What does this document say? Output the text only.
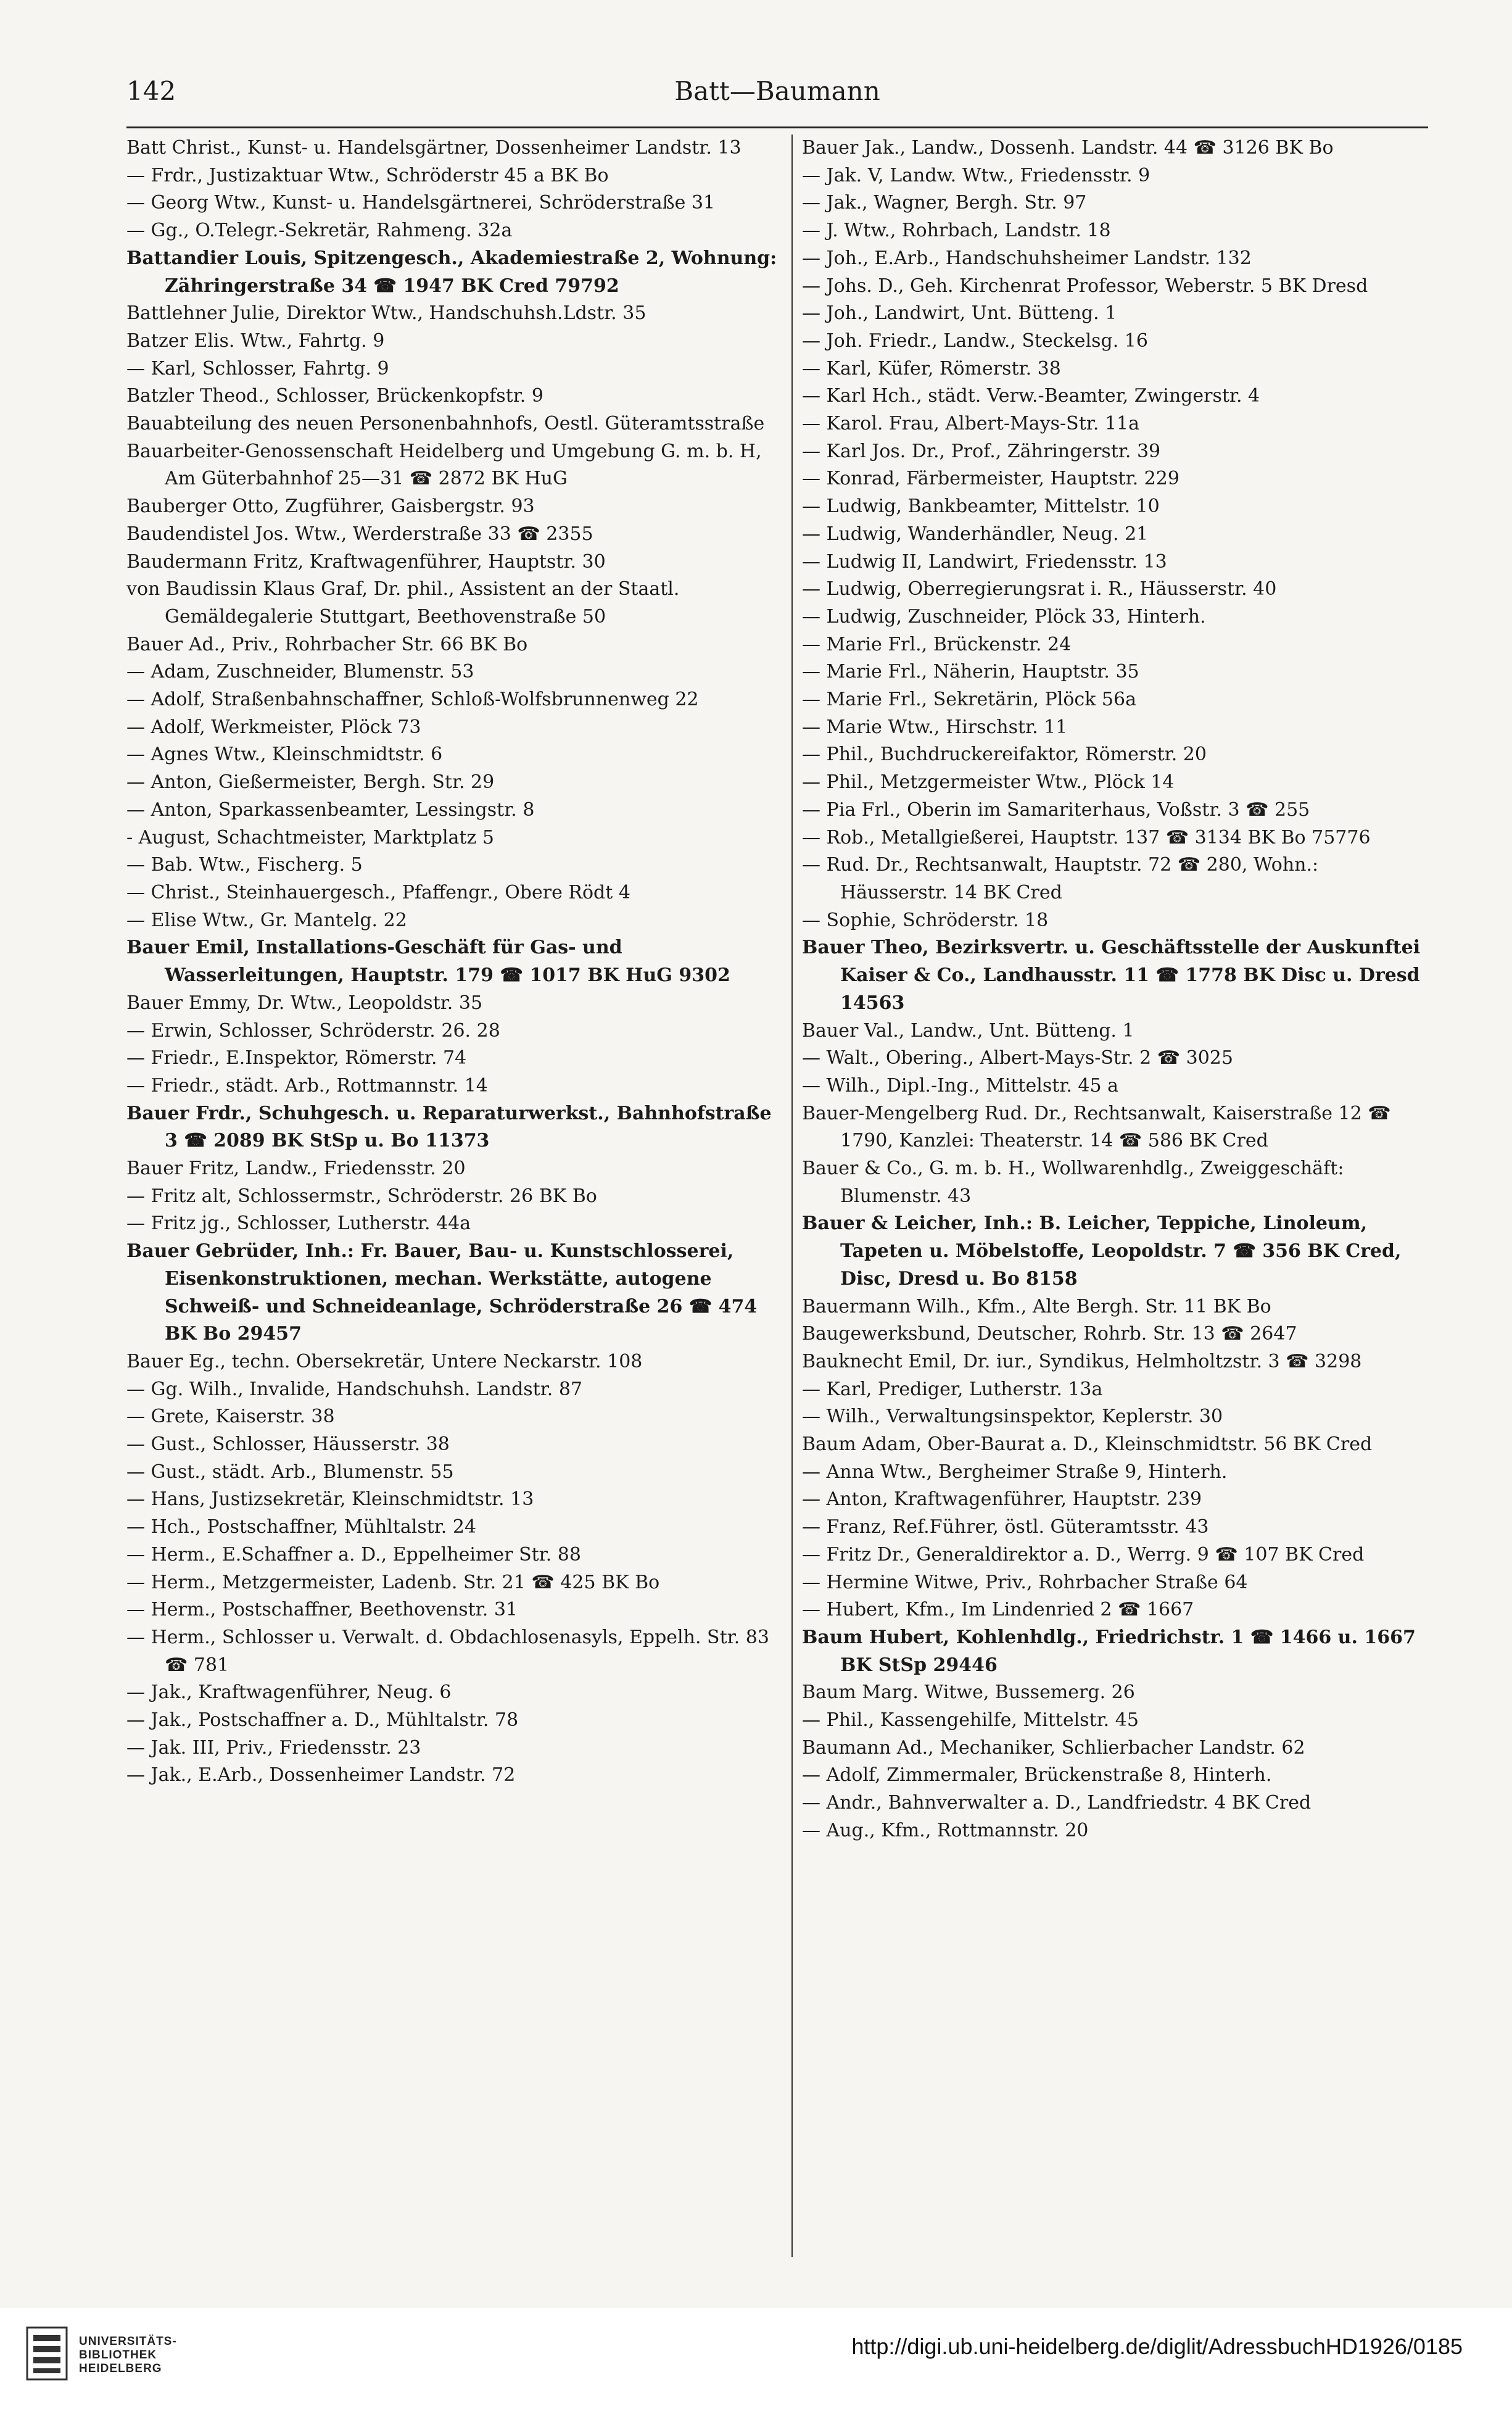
142	Batt—Baumann
Batt Christ., Kunst- u. Handelsgärtner, Dossenheimer Landstr. 13
— Frdr., Justizaktuar Wtw., Schröderstr 45 a BK Bo
— Georg Wtw., Kunst- u. Handelsgärtnerei, Schröderstraße 31
— Gg., O.Telegr.-Sekretär, Rahmeng. 32a
Battandier Louis, Spitzengesch., Akademiestraße 2, Wohnung: Zähringerstraße 34 ☎ 1947 BK Cred 79792
Battlehner Julie, Direktor Wtw., Handschuhsh.Ldstr. 35
Batzer Elis. Wtw., Fahrtg. 9
— Karl, Schlosser, Fahrtg. 9
Batzler Theod., Schlosser, Brückenkopfstr. 9
Bauabteilung des neuen Personenbahnhofs, Oestl. Güteramtsstraße
Bauarbeiter-Genossenschaft Heidelberg und Umgebung G. m. b. H, Am Güterbahnhof 25—31 ☎ 2872 BK HuG
Bauberger Otto, Zugführer, Gaisbergstr. 93
Baudendistel Jos. Wtw., Werderstraße 33 ☎ 2355
Baudermann Fritz, Kraftwagenführer, Hauptstr. 30
von Baudissin Klaus Graf, Dr. phil., Assistent an der Staatl. Gemäldegalerie Stuttgart, Beethovenstraße 50
Bauer Ad., Priv., Rohrbacher Str. 66 BK Bo
— Adam, Zuschneider, Blumenstr. 53
— Adolf, Straßenbahnschaffner, Schloß-Wolfsbrunnenweg 22
— Adolf, Werkmeister, Plöck 73
— Agnes Wtw., Kleinschmidtstr. 6
— Anton, Gießermeister, Bergh. Str. 29
— Anton, Sparkassenbeamter, Lessingstr. 8
- August, Schachtmeister, Marktplatz 5
— Bab. Wtw., Fischerg. 5
— Christ., Steinhauergesch., Pfaffengr., Obere Rödt 4
— Elise Wtw., Gr. Mantelg. 22
Bauer Emil, Installations-Geschäft für Gas- und Wasserleitungen, Hauptstr. 179 ☎ 1017 BK HuG 9302
Bauer Emmy, Dr. Wtw., Leopoldstr. 35
— Erwin, Schlosser, Schröderstr. 26. 28
— Friedr., E.Inspektor, Römerstr. 74
— Friedr., städt. Arb., Rottmannstr. 14
Bauer Frdr., Schuhgesch. u. Reparaturwerkst., Bahnhofstraße 3 ☎ 2089 BK StSp u. Bo 11373
Bauer Fritz, Landw., Friedensstr. 20
— Fritz alt, Schlossermstr., Schröderstr. 26 BK Bo
— Fritz jg., Schlosser, Lutherstr. 44a
Bauer Gebrüder, Inh.: Fr. Bauer, Bau- u. Kunstschlosserei, Eisenkonstruktionen, mechan. Werkstätte, autogene Schweiß- und Schneideanlage, Schröderstraße 26 ☎ 474 BK Bo 29457
Bauer Eg., techn. Obersekretär, Untere Neckarstr. 108
— Gg. Wilh., Invalide, Handschuhsh. Landstr. 87
— Grete, Kaiserstr. 38
— Gust., Schlosser, Häusserstr. 38
— Gust., städt. Arb., Blumenstr. 55
— Hans, Justizsekretär, Kleinschmidtstr. 13
— Hch., Postschaffner, Mühltalstr. 24
— Herm., E.Schaffner a. D., Eppelheimer Str. 88
— Herm., Metzgermeister, Ladenb. Str. 21 ☎ 425 BK Bo
— Herm., Postschaffner, Beethovenstr. 31
— Herm., Schlosser u. Verwalt. d. Obdachlosenasyls, Eppelh. Str. 83 ☎ 781
— Jak., Kraftwagenführer, Neug. 6
— Jak., Postschaffner a. D., Mühltalstr. 78
— Jak. III, Priv., Friedensstr. 23
— Jak., E.Arb., Dossenheimer Landstr. 72
Bauer Jak., Landw., Dossenh. Landstr. 44 ☎ 3126 BK Bo
— Jak. V, Landw. Wtw., Friedensstr. 9
— Jak., Wagner, Bergh. Str. 97
— J. Wtw., Rohrbach, Landstr. 18
— Joh., E.Arb., Handschuhsheimer Landstr. 132
— Johs. D., Geh. Kirchenrat Professor, Weberstr. 5 BK Dresd
— Joh., Landwirt, Unt. Bütteng. 1
— Joh. Friedr., Landw., Steckelsg. 16
— Karl, Küfer, Römerstr. 38
— Karl Hch., städt. Verw.-Beamter, Zwingerstr. 4
— Karol. Frau, Albert-Mays-Str. 11a
— Karl Jos. Dr., Prof., Zähringerstr. 39
— Konrad, Färbermeister, Hauptstr. 229
— Ludwig, Bankbeamter, Mittelstr. 10
— Ludwig, Wanderhändler, Neug. 21
— Ludwig II, Landwirt, Friedensstr. 13
— Ludwig, Oberregierungsrat i. R., Häusserstr. 40
— Ludwig, Zuschneider, Plöck 33, Hinterh.
— Marie Frl., Brückenstr. 24
— Marie Frl., Näherin, Hauptstr. 35
— Marie Frl., Sekretärin, Plöck 56a
— Marie Wtw., Hirschstr. 11
— Phil., Buchdruckereifaktor, Römerstr. 20
— Phil., Metzgermeister Wtw., Plöck 14
— Pia Frl., Oberin im Samariterhaus, Voßstr. 3 ☎ 255
— Rob., Metallgießerei, Hauptstr. 137 ☎ 3134 BK Bo 75776
— Rud. Dr., Rechtsanwalt, Hauptstr. 72 ☎ 280, Wohn.: Häusserstr. 14 BK Cred
— Sophie, Schröderstr. 18
Bauer Theo, Bezirksvertr. u. Geschäftsstelle der Auskunftei Kaiser & Co., Landhausstr. 11 ☎ 1778 BK Disc u. Dresd 14563
Bauer Val., Landw., Unt. Bütteng. 1
— Walt., Obering., Albert-Mays-Str. 2 ☎ 3025
— Wilh., Dipl.-Ing., Mittelstr. 45 a
Bauer-Mengelberg Rud. Dr., Rechtsanwalt, Kaiserstraße 12 ☎ 1790, Kanzlei: Theaterstr. 14 ☎ 586 BK Cred
Bauer & Co., G. m. b. H., Wollwarenhdlg., Zweiggeschäft: Blumenstr. 43
Bauer & Leicher, Inh.: B. Leicher, Teppiche, Linoleum, Tapeten u. Möbelstoffe, Leopoldstr. 7 ☎ 356 BK Cred, Disc, Dresd u. Bo 8158
Bauermann Wilh., Kfm., Alte Bergh. Str. 11 BK Bo
Baugewerksbund, Deutscher, Rohrb. Str. 13 ☎ 2647
Bauknecht Emil, Dr. iur., Syndikus, Helmholtzstr. 3 ☎ 3298
— Karl, Prediger, Lutherstr. 13a
— Wilh., Verwaltungsinspektor, Keplerstr. 30
Baum Adam, Ober-Baurat a. D., Kleinschmidtstr. 56 BK Cred
— Anna Wtw., Bergheimer Straße 9, Hinterh.
— Anton, Kraftwagenführer, Hauptstr. 239
— Franz, Ref.Führer, östl. Güteramtsstr. 43
— Fritz Dr., Generaldirektor a. D., Werrg. 9 ☎ 107 BK Cred
— Hermine Witwe, Priv., Rohrbacher Straße 64
— Hubert, Kfm., Im Lindenried 2 ☎ 1667
Baum Hubert, Kohlenhdlg., Friedrichstr. 1 ☎ 1466 u. 1667 BK StSp 29446
Baum Marg. Witwe, Bussemerg. 26
— Phil., Kassengehilfe, Mittelstr. 45
Baumann Ad., Mechaniker, Schlierbacher Landstr. 62
— Adolf, Zimmermaler, Brückenstraße 8, Hinterh.
— Andr., Bahnverwalter a. D., Landfriedstr. 4 BK Cred
— Aug., Kfm., Rottmannstr. 20
UNIVERSITÄTS-
BIBLIOTHEK
HEIDELBERG
http://digi.ub.uni-heidelberg.de/diglit/AdressbuchHD1926/0185
